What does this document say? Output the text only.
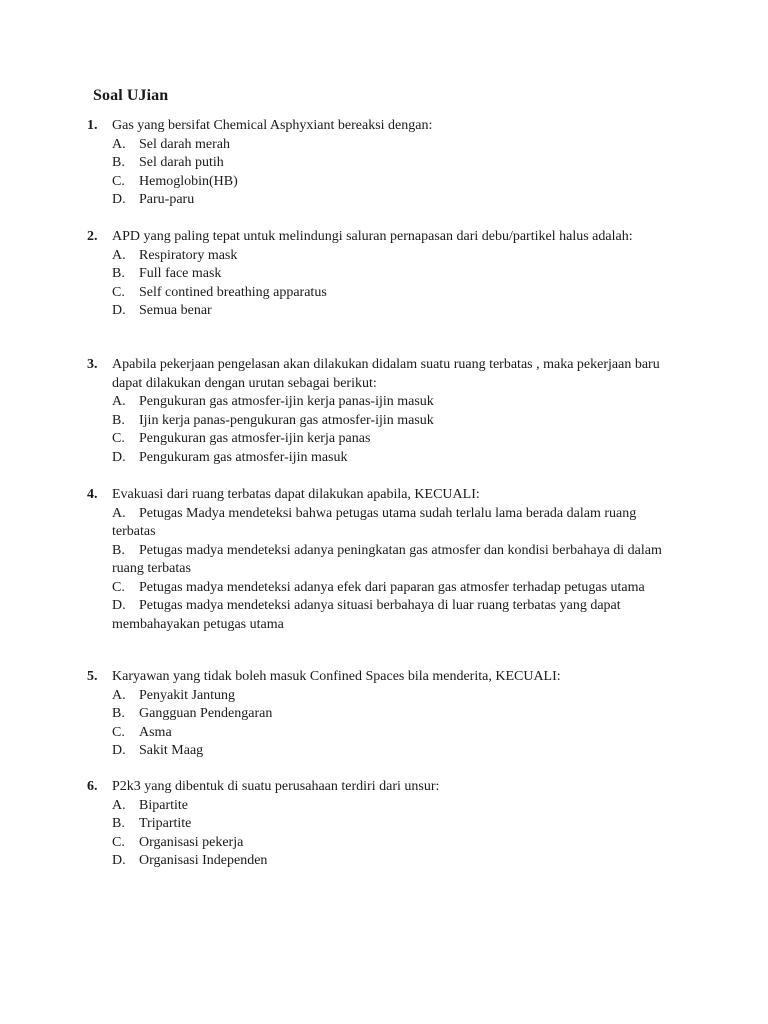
Soal UJian
1. Gas yang bersifat Chemical Asphyxiant bereaksi dengan:
A. Sel darah merah
B. Sel darah putih
C. Hemoglobin(HB)
D. Paru-paru
2. APD yang paling tepat untuk melindungi saluran pernapasan dari debu/partikel halus adalah:
A. Respiratory mask
B. Full face mask
C. Self contined breathing apparatus
D. Semua benar
3. Apabila pekerjaan pengelasan akan dilakukan didalam suatu ruang terbatas , maka pekerjaan baru dapat dilakukan dengan urutan sebagai berikut:
A. Pengukuran gas atmosfer-ijin kerja panas-ijin masuk
B. Ijin kerja panas-pengukuran gas atmosfer-ijin masuk
C. Pengukuran gas atmosfer-ijin kerja panas
D. Pengukuram gas atmosfer-ijin masuk
4. Evakuasi dari ruang terbatas dapat dilakukan apabila, KECUALI:
A. Petugas Madya mendeteksi bahwa petugas utama sudah terlalu lama berada dalam ruang terbatas
B. Petugas madya mendeteksi adanya peningkatan gas atmosfer dan kondisi berbahaya di dalam ruang terbatas
C. Petugas madya mendeteksi adanya efek dari paparan gas atmosfer terhadap petugas utama
D. Petugas madya mendeteksi adanya situasi berbahaya di luar ruang terbatas yang dapat membahayakan petugas utama
5. Karyawan yang tidak boleh masuk Confined Spaces bila menderita, KECUALI:
A. Penyakit Jantung
B. Gangguan Pendengaran
C. Asma
D. Sakit Maag
6. P2k3 yang dibentuk di suatu perusahaan terdiri dari unsur:
A. Bipartite
B. Tripartite
C. Organisasi pekerja
D. Organisasi Independen
